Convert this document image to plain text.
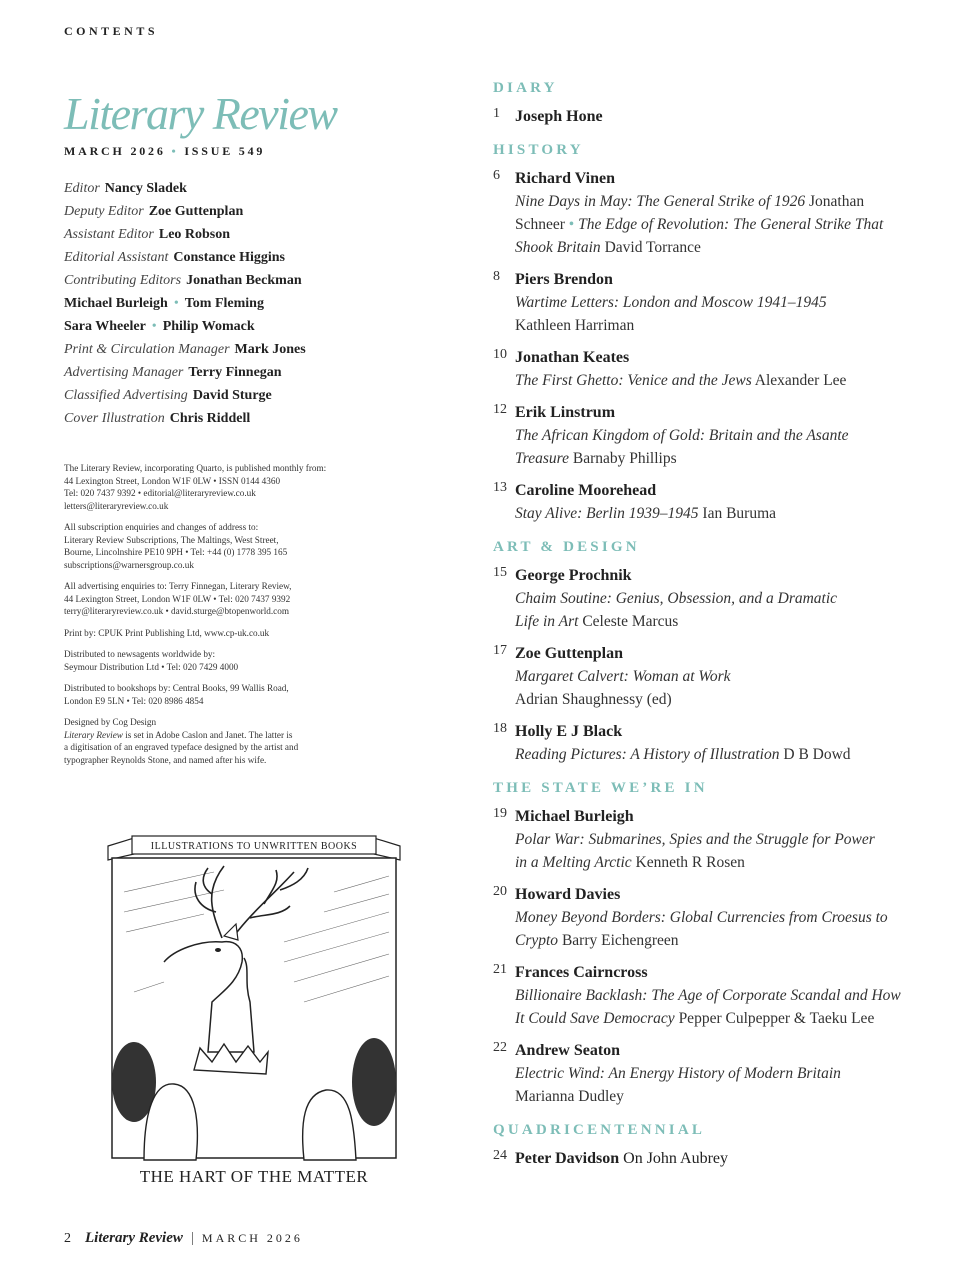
CONTENTS
Literary Review
MARCH 2026 • ISSUE 549
Editor Nancy Sladek
Deputy Editor Zoe Guttenplan
Assistant Editor Leo Robson
Editorial Assistant Constance Higgins
Contributing Editors Jonathan Beckman
Michael Burleigh • Tom Fleming
Sara Wheeler • Philip Womack
Print & Circulation Manager Mark Jones
Advertising Manager Terry Finnegan
Classified Advertising David Sturge
Cover Illustration Chris Riddell

The Literary Review, incorporating Quarto, is published monthly from:
44 Lexington Street, London W1F 0LW • ISSN 0144 4360
Tel: 020 7437 9392 • editorial@literaryreview.co.uk
letters@literaryreview.co.uk

All subscription enquiries and changes of address to:
Literary Review Subscriptions, The Maltings, West Street,
Bourne, Lincolnshire PE10 9PH • Tel: +44 (0) 1778 395 165
subscriptions@warnersgroup.co.uk

All advertising enquiries to: Terry Finnegan, Literary Review,
44 Lexington Street, London W1F 0LW • Tel: 020 7437 9392
terry@literaryreview.co.uk • david.sturge@btopenworld.com

Print by: CPUK Print Publishing Ltd, www.cp-uk.co.uk

Distributed to newsagents worldwide by:
Seymour Distribution Ltd • Tel: 020 7429 4000

Distributed to bookshops by: Central Books, 99 Wallis Road,
London E9 5LN • Tel: 020 8986 4854

Designed by Cog Design
Literary Review is set in Adobe Caslon and Janet. The latter is
a digitisation of an engraved typeface designed by the artist and
typographer Reynolds Stone, and named after his wife.

ILLUSTRATIONS TO UNWRITTEN BOOKS
THE HART OF THE MATTER
DIARY
1 Joseph Hone
HISTORY
6 Richard Vinen
Nine Days in May: The General Strike of 1926 Jonathan
Schneer • The Edge of Revolution: The General Strike That
Shook Britain David Torrance
8 Piers Brendon
Wartime Letters: London and Moscow 1941–1945
Kathleen Harriman
10 Jonathan Keates
The First Ghetto: Venice and the Jews Alexander Lee
12 Erik Linstrum
The African Kingdom of Gold: Britain and the Asante
Treasure Barnaby Phillips
13 Caroline Moorehead
Stay Alive: Berlin 1939–1945 Ian Buruma
ART & DESIGN
15 George Prochnik
Chaim Soutine: Genius, Obsession, and a Dramatic
Life in Art Celeste Marcus
17 Zoe Guttenplan
Margaret Calvert: Woman at Work
Adrian Shaughnessy (ed)
18 Holly E J Black
Reading Pictures: A History of Illustration D B Dowd
THE STATE WE’RE IN
19 Michael Burleigh
Polar War: Submarines, Spies and the Struggle for Power
in a Melting Arctic Kenneth R Rosen
20 Howard Davies
Money Beyond Borders: Global Currencies from Croesus to
Crypto Barry Eichengreen
21 Frances Cairncross
Billionaire Backlash: The Age of Corporate Scandal and How
It Could Save Democracy Pepper Culpepper & Taeku Lee
22 Andrew Seaton
Electric Wind: An Energy History of Modern Britain
Marianna Dudley
QUADRICENTENNIAL
24 Peter Davidson On John Aubrey
2 Literary Review | MARCH 2026
